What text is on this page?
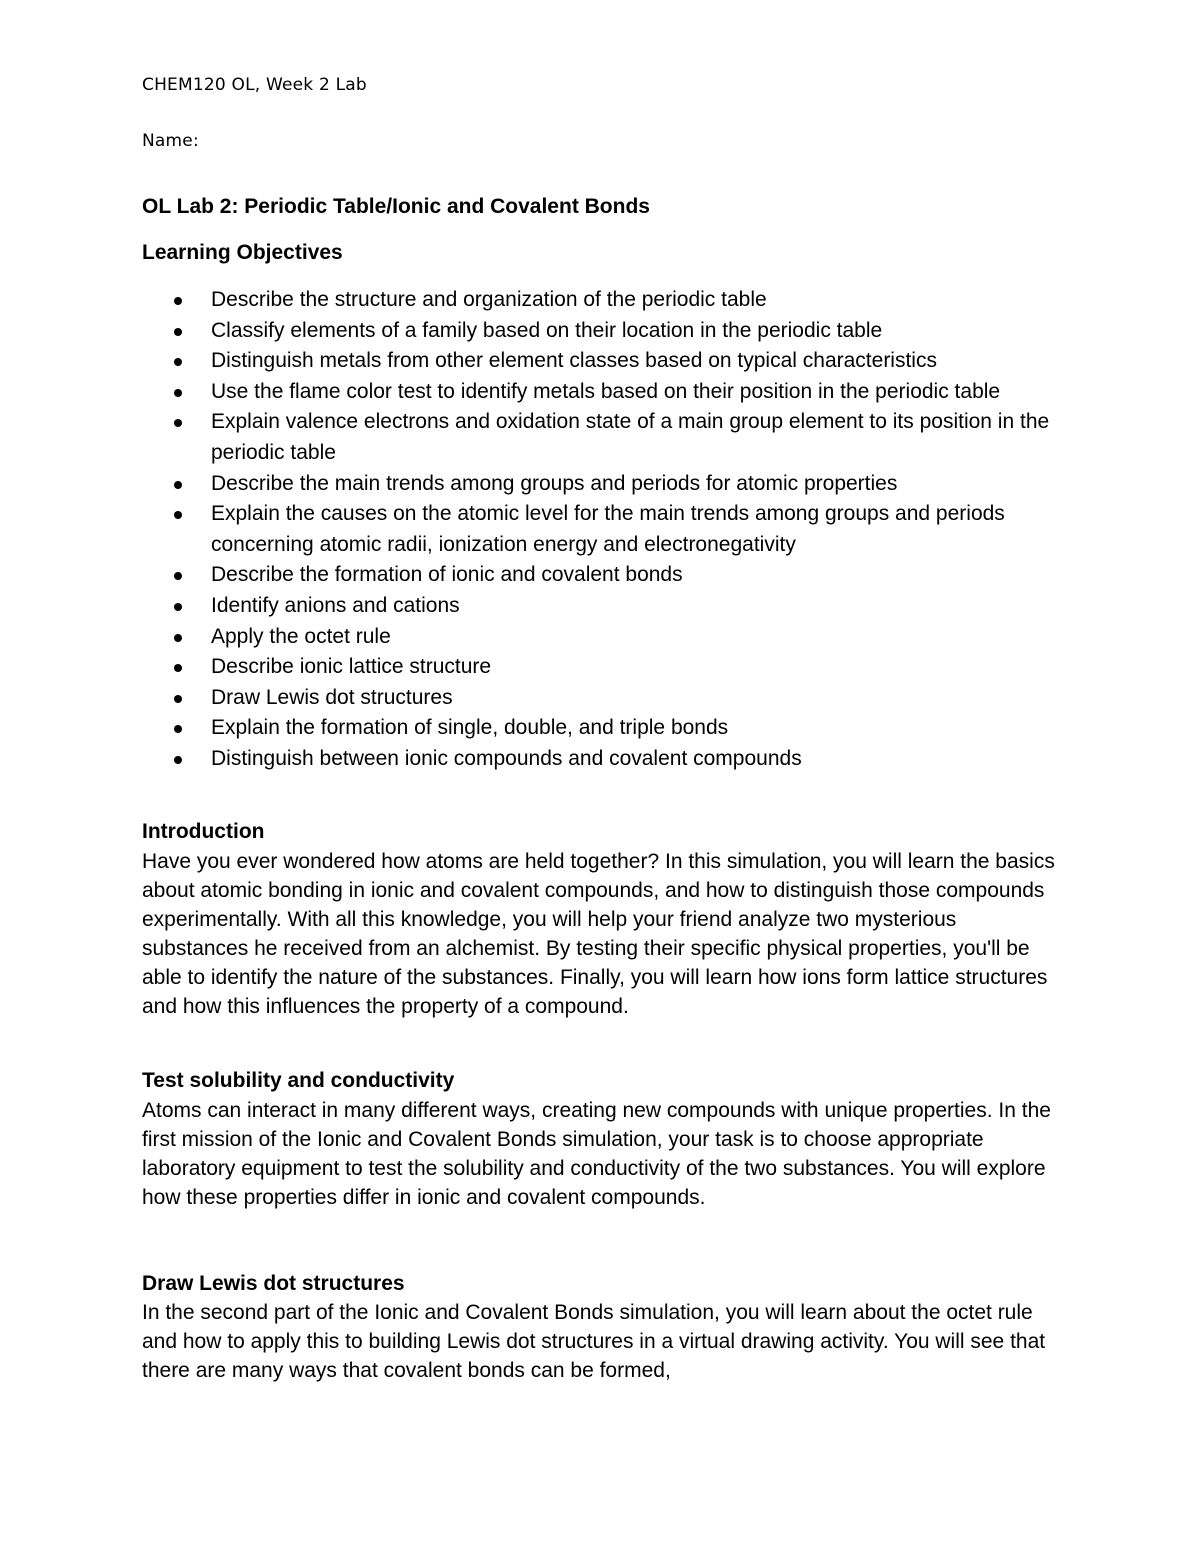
CHEM120 OL, Week 2 Lab
Name:
OL Lab 2: Periodic Table/Ionic and Covalent Bonds
Learning Objectives
Describe the structure and organization of the periodic table
Classify elements of a family based on their location in the periodic table
Distinguish metals from other element classes based on typical characteristics
Use the flame color test to identify metals based on their position in the periodic table
Explain valence electrons and oxidation state of a main group element to its position in the periodic table
Describe the main trends among groups and periods for atomic properties
Explain the causes on the atomic level for the main trends among groups and periods concerning atomic radii, ionization energy and electronegativity
Describe the formation of ionic and covalent bonds
Identify anions and cations
Apply the octet rule
Describe ionic lattice structure
Draw Lewis dot structures
Explain the formation of single, double, and triple bonds
Distinguish between ionic compounds and covalent compounds
Introduction

Have you ever wondered how atoms are held together? In this simulation, you will learn the basics about atomic bonding in ionic and covalent compounds, and how to distinguish those compounds experimentally. With all this knowledge, you will help your friend analyze two mysterious substances he received from an alchemist. By testing their specific physical properties, you'll be able to identify the nature of the substances. Finally, you will learn how ions form lattice structures and how this influences the property of a compound.

Test solubility and conductivity

Atoms can interact in many different ways, creating new compounds with unique properties. In the first mission of the Ionic and Covalent Bonds simulation, your task is to choose appropriate laboratory equipment to test the solubility and conductivity of the two substances. You will explore how these properties differ in ionic and covalent compounds.

Draw Lewis dot structures

In the second part of the Ionic and Covalent Bonds simulation, you will learn about the octet rule and how to apply this to building Lewis dot structures in a virtual drawing activity. You will see that there are many ways that covalent bonds can be formed,
